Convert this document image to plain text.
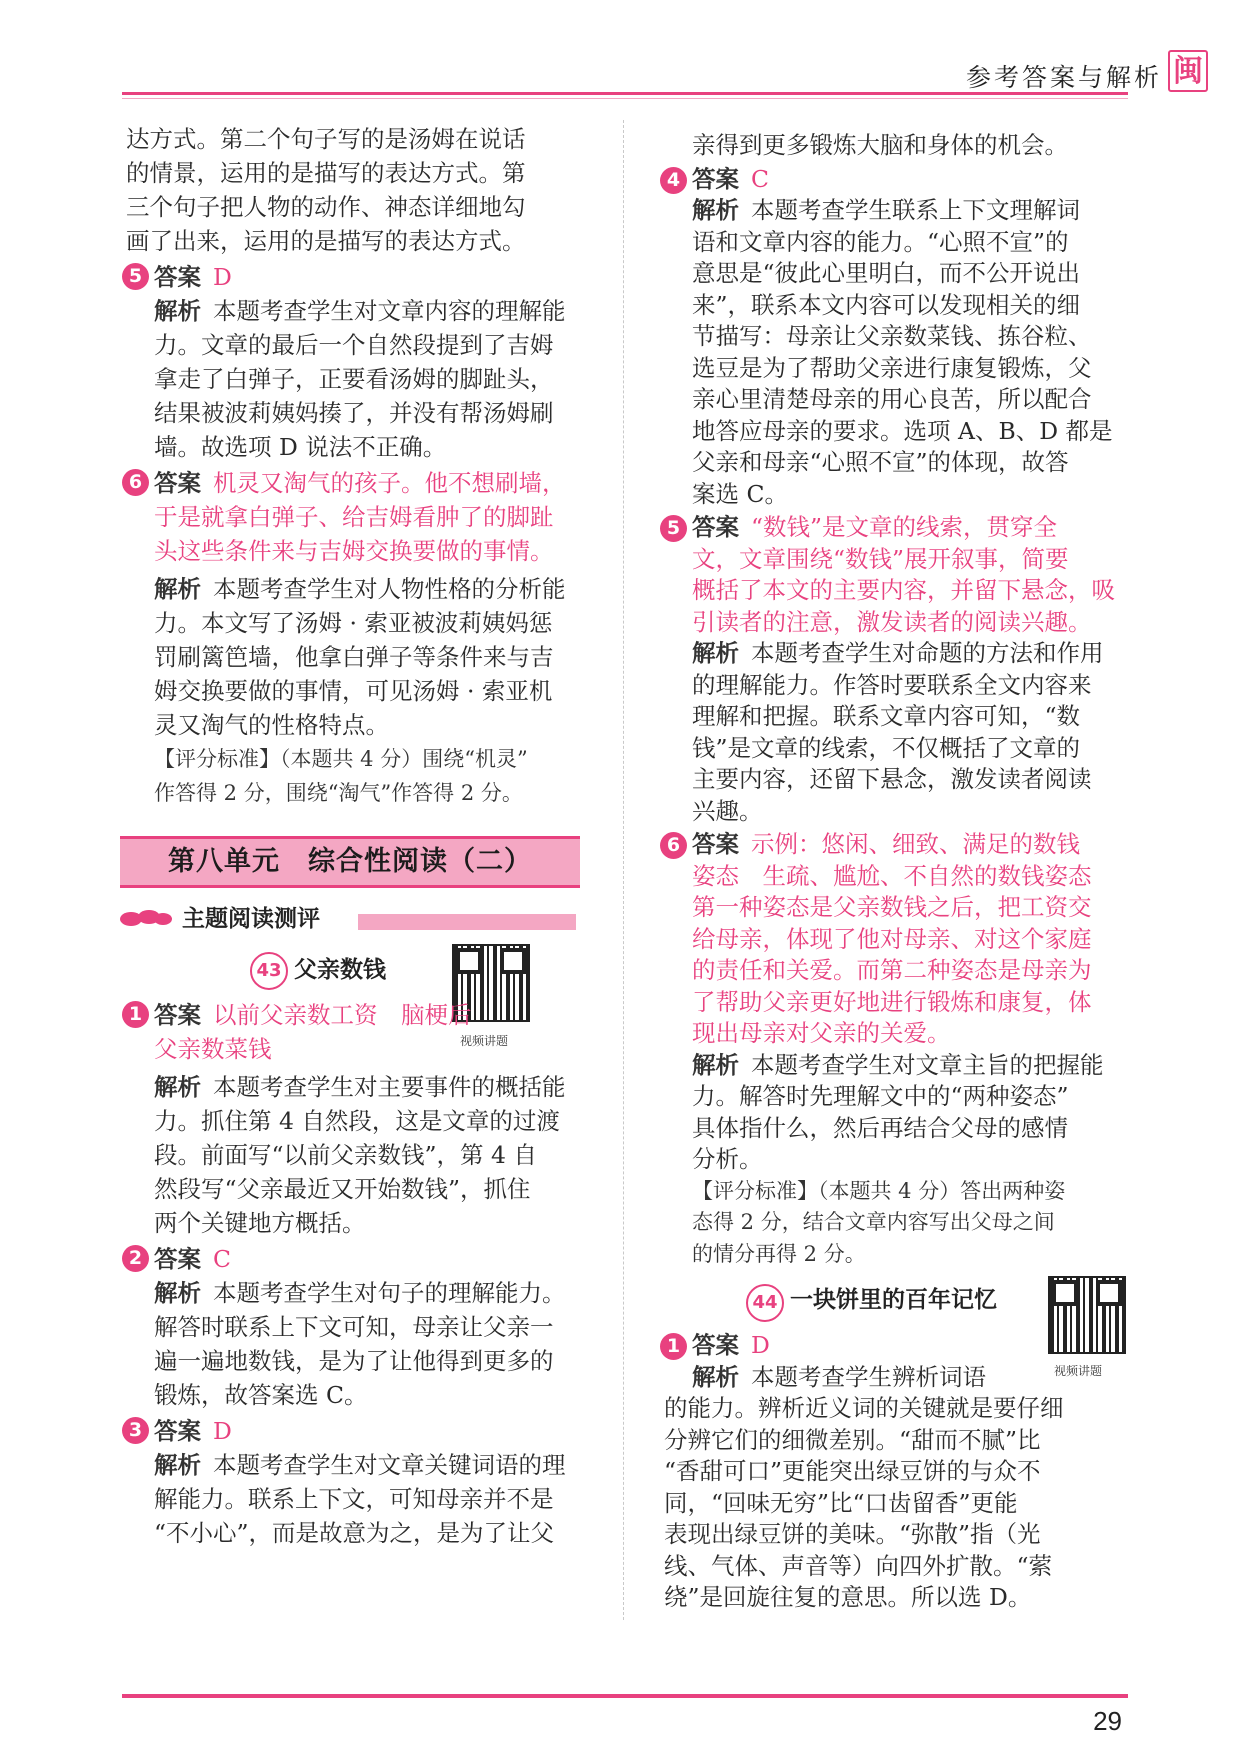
参考答案与解析 闽

达方式。第二个句子写的是汤姆在说话

的情景，运用的是描写的表达方式。第

三个句子把人物的动作、神态详细地勾

画了出来，运用的是描写的表达方式。

5 答案 D

解析 本题考查学生对文章内容的理解能

力。文章的最后一个自然段提到了吉姆

拿走了白弹子，正要看汤姆的脚趾头，

结果被波莉姨妈揍了，并没有帮汤姆刷

墙。故选项 D 说法不正确。

6 答案 机灵又淘气的孩子。他不想刷墙，

于是就拿白弹子、给吉姆看肿了的脚趾

头这些条件来与吉姆交换要做的事情。

解析 本题考查学生对人物性格的分析能

力。本文写了汤姆 · 索亚被波莉姨妈惩

罚刷篱笆墙，他拿白弹子等条件来与吉

姆交换要做的事情，可见汤姆 · 索亚机

灵又淘气的性格特点。

【评分标准】（本题共 4 分）围绕“机灵”

作答得 2 分，围绕“淘气”作答得 2 分。

第八单元　综合性阅读（二）
主题阅读测评
43 父亲数钱
视频讲题
1 答案 以前父亲数工资　脑梗后

父亲数菜钱

解析 本题考查学生对主要事件的概括能

力。抓住第 4 自然段，这是文章的过渡

段。前面写“以前父亲数钱”，第 4 自

然段写“父亲最近又开始数钱”，抓住

两个关键地方概括。

2 答案 C

解析 本题考查学生对句子的理解能力。

解答时联系上下文可知，母亲让父亲一

遍一遍地数钱，是为了让他得到更多的

锻炼，故答案选 C。

3 答案 D

解析 本题考查学生对文章关键词语的理

解能力。联系上下文，可知母亲并不是

“不小心”，而是故意为之，是为了让父

亲得到更多锻炼大脑和身体的机会。

4 答案 C

解析 本题考查学生联系上下文理解词

语和文章内容的能力。“心照不宣”的

意思是“彼此心里明白，而不公开说出

来”，联系本文内容可以发现相关的细

节描写：母亲让父亲数菜钱、拣谷粒、

选豆是为了帮助父亲进行康复锻炼，父

亲心里清楚母亲的用心良苦，所以配合

地答应母亲的要求。选项 A、B、D 都是

父亲和母亲“心照不宣”的体现，故答

案选 C。

5 答案 “数钱”是文章的线索，贯穿全

文，文章围绕“数钱”展开叙事，简要

概括了本文的主要内容，并留下悬念，吸

引读者的注意，激发读者的阅读兴趣。

解析 本题考查学生对命题的方法和作用

的理解能力。作答时要联系全文内容来

理解和把握。联系文章内容可知，“数

钱”是文章的线索，不仅概括了文章的

主要内容，还留下悬念，激发读者阅读

兴趣。

6 答案 示例：悠闲、细致、满足的数钱

姿态　生疏、尴尬、不自然的数钱姿态

第一种姿态是父亲数钱之后，把工资交

给母亲，体现了他对母亲、对这个家庭

的责任和关爱。而第二种姿态是母亲为

了帮助父亲更好地进行锻炼和康复，体

现出母亲对父亲的关爱。

解析 本题考查学生对文章主旨的把握能

力。解答时先理解文中的“两种姿态”

具体指什么，然后再结合父母的感情

分析。

【评分标准】（本题共 4 分）答出两种姿

态得 2 分，结合文章内容写出父母之间

的情分再得 2 分。

44 一块饼里的百年记忆
视频讲题
1 答案 D

解析 本题考查学生辨析词语

的能力。辨析近义词的关键就是要仔细

分辨它们的细微差别。“甜而不腻”比

“香甜可口”更能突出绿豆饼的与众不

同，“回味无穷”比“口齿留香”更能

表现出绿豆饼的美味。“弥散”指（光

线、气体、声音等）向四外扩散。“萦

绕”是回旋往复的意思。所以选 D。

29
